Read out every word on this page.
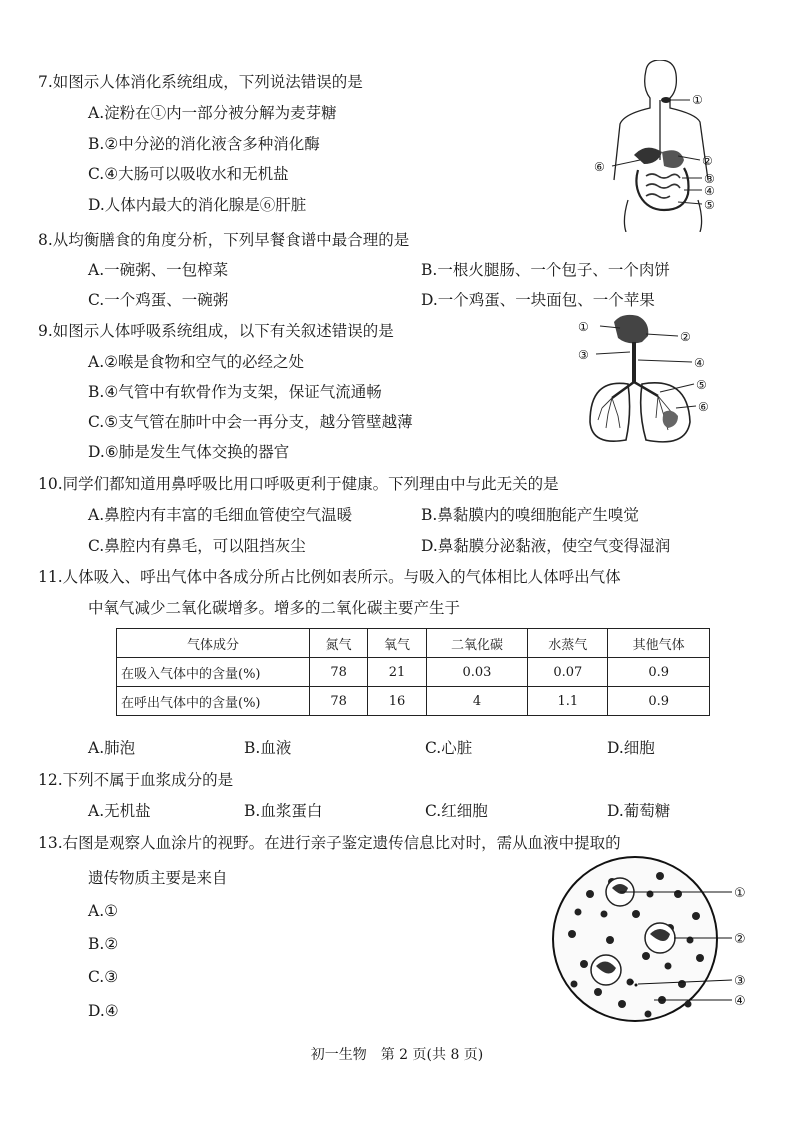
7.如图示人体消化系统组成，下列说法错误的是
A.淀粉在①内一部分被分解为麦芽糖
B.②中分泌的消化液含多种消化酶
C.④大肠可以吸收水和无机盐
D.人体内最大的消化腺是⑥肝脏
①
②
③
④
⑤
⑥
8.从均衡膳食的角度分析，下列早餐食谱中最合理的是
A.一碗粥、一包榨菜	B.一根火腿肠、一个包子、一个肉饼
C.一个鸡蛋、一碗粥	D.一个鸡蛋、一块面包、一个苹果
9.如图示人体呼吸系统组成，以下有关叙述错误的是
A.②喉是食物和空气的必经之处
B.④气管中有软骨作为支架，保证气流通畅
C.⑤支气管在肺叶中会一再分支，越分管壁越薄
D.⑥肺是发生气体交换的器官
①
②
③
④
⑤
⑥
10.同学们都知道用鼻呼吸比用口呼吸更利于健康。下列理由中与此无关的是
A.鼻腔内有丰富的毛细血管使空气温暖	B.鼻黏膜内的嗅细胞能产生嗅觉
C.鼻腔内有鼻毛，可以阻挡灰尘	D.鼻黏膜分泌黏液，使空气变得湿润
11.人体吸入、呼出气体中各成分所占比例如表所示。与吸入的气体相比人体呼出气体
中氧气减少二氧化碳增多。增多的二氧化碳主要产生于
气体成分	氮气	氧气	二氧化碳	水蒸气	其他气体
在吸入气体中的含量(%)	78	21	0.03	0.07	0.9
在呼出气体中的含量(%)	78	16	4	1.1	0.9
A.肺泡	B.血液	C.心脏	D.细胞
12.下列不属于血浆成分的是
A.无机盐	B.血浆蛋白	C.红细胞	D.葡萄糖
13.右图是观察人血涂片的视野。在进行亲子鉴定遗传信息比对时，需从血液中提取的
遗传物质主要是来自
A.①
B.②
C.③
D.④
①
②
③
④
初一生物　第 2 页(共 8 页)
